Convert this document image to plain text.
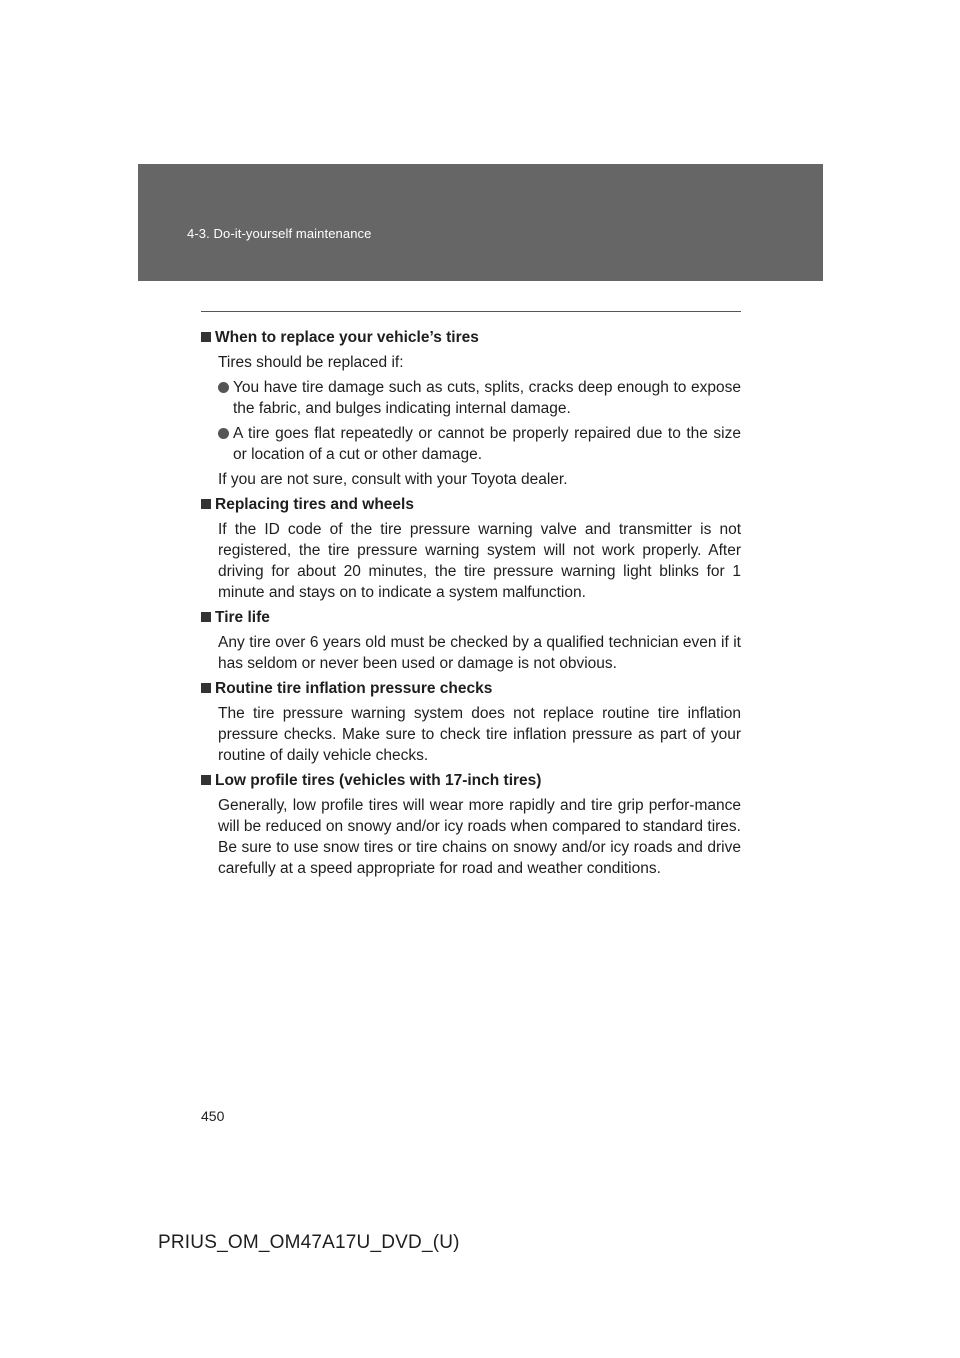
4-3. Do-it-yourself maintenance
When to replace your vehicle’s tires

Tires should be replaced if:

You have tire damage such as cuts, splits, cracks deep enough to expose the fabric, and bulges indicating internal damage.
A tire goes flat repeatedly or cannot be properly repaired due to the size or location of a cut or other damage.

If you are not sure, consult with your Toyota dealer.

Replacing tires and wheels

If the ID code of the tire pressure warning valve and transmitter is not registered, the tire pressure warning system will not work properly. After driving for about 20 minutes, the tire pressure warning light blinks for 1 minute and stays on to indicate a system malfunction.

Tire life

Any tire over 6 years old must be checked by a qualified technician even if it has seldom or never been used or damage is not obvious.

Routine tire inflation pressure checks

The tire pressure warning system does not replace routine tire inflation pressure checks. Make sure to check tire inflation pressure as part of your routine of daily vehicle checks.

Low profile tires (vehicles with 17-inch tires)

Generally, low profile tires will wear more rapidly and tire grip perfor-mance will be reduced on snowy and/or icy roads when compared to standard tires. Be sure to use snow tires or tire chains on snowy and/or icy roads and drive carefully at a speed appropriate for road and weather conditions.

450
PRIUS_OM_OM47A17U_DVD_(U)
